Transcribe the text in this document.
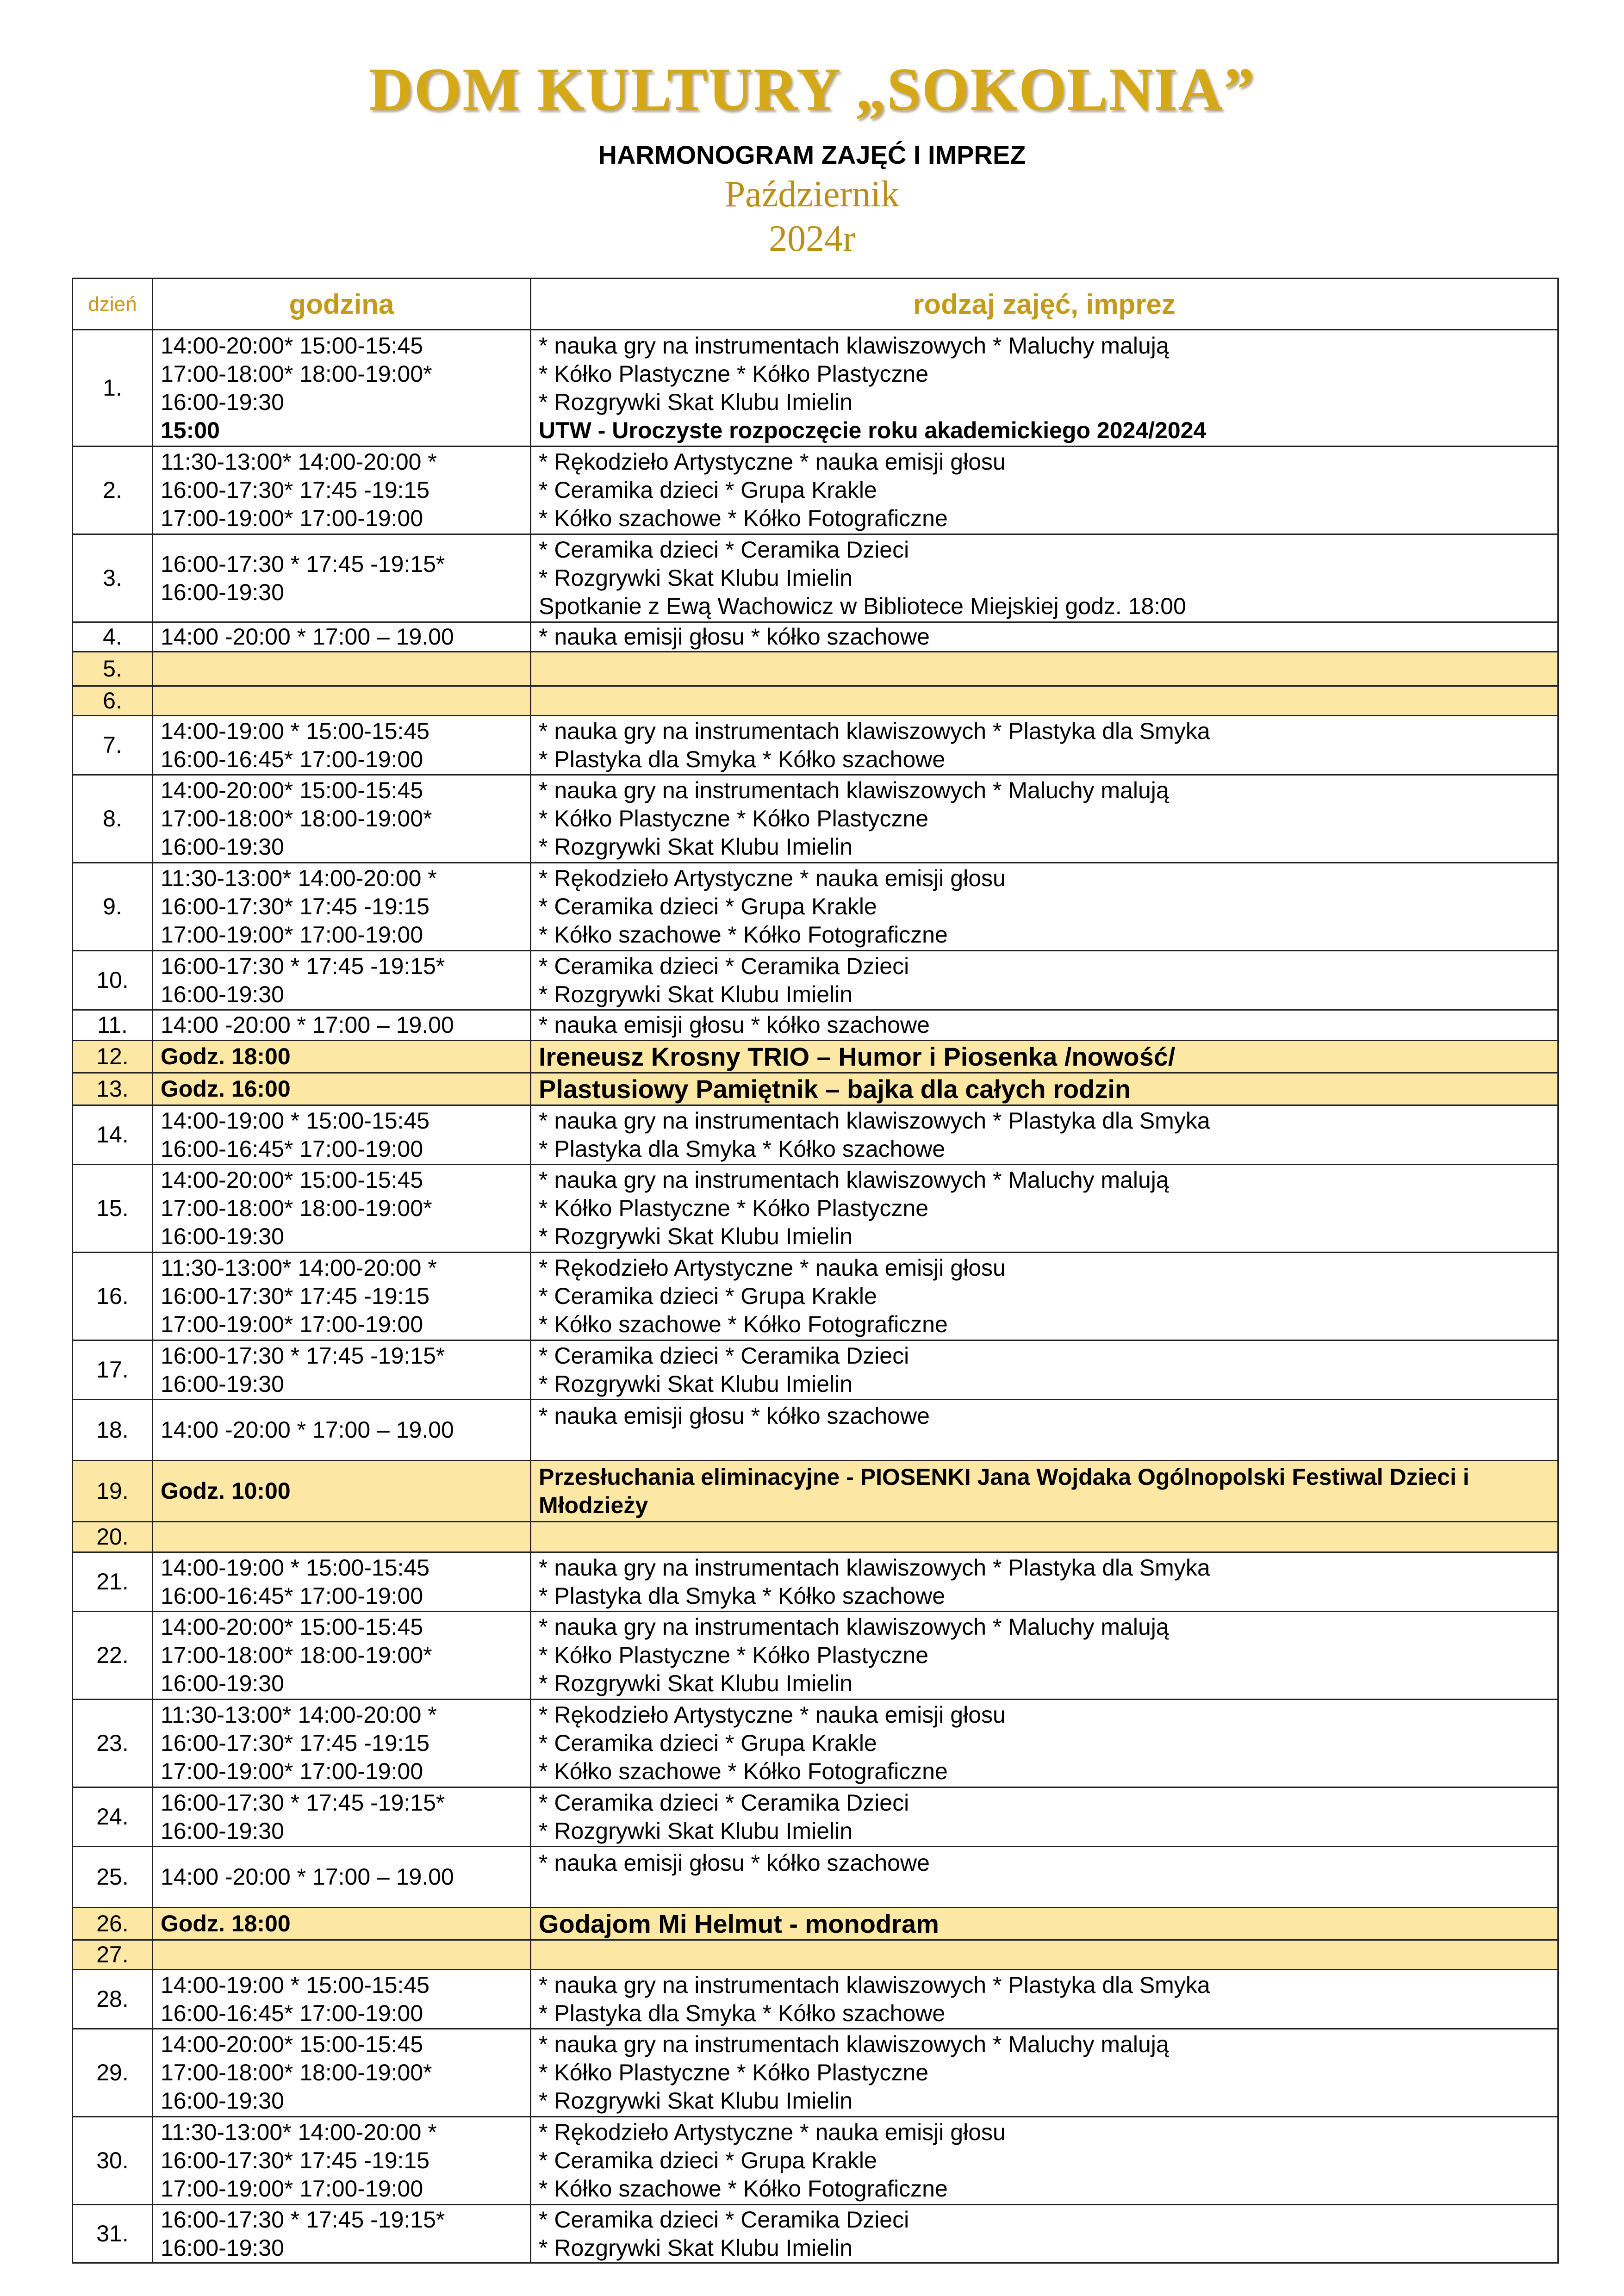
DOM KULTURY „SOKOLNIA”
HARMONOGRAM ZAJĘĆ I IMPREZ
Październik
2024r
dzień	godzina	rodzaj zajęć, imprez
1.	14:00-20:00* 15:00-15:45
17:00-18:00* 18:00-19:00*
16:00-19:30
15:00	* nauka gry na instrumentach klawiszowych * Maluchy malują
* Kółko Plastyczne * Kółko Plastyczne
* Rozgrywki Skat Klubu Imielin
UTW - Uroczyste rozpoczęcie roku akademickiego 2024/2024

2.	11:30-13:00* 14:00-20:00 *
16:00-17:30* 17:45 -19:15
17:00-19:00* 17:00-19:00	* Rękodzieło Artystyczne * nauka emisji głosu
* Ceramika dzieci * Grupa Krakle
* Kółko szachowe * Kółko Fotograficzne

3.	16:00-17:30 * 17:45 -19:15*
16:00-19:30	* Ceramika dzieci * Ceramika Dzieci
* Rozgrywki Skat Klubu Imielin
Spotkanie z Ewą Wachowicz w Bibliotece Miejskiej godz. 18:00

4.	14:00 -20:00 * 17:00 – 19.00	* nauka emisji głosu * kółko szachowe

5.		
6.		
7.	14:00-19:00 * 15:00-15:45
16:00-16:45* 17:00-19:00	* nauka gry na instrumentach klawiszowych * Plastyka dla Smyka
* Plastyka dla Smyka * Kółko szachowe

8.	14:00-20:00* 15:00-15:45
17:00-18:00* 18:00-19:00*
16:00-19:30	* nauka gry na instrumentach klawiszowych * Maluchy malują
* Kółko Plastyczne * Kółko Plastyczne
* Rozgrywki Skat Klubu Imielin

9.	11:30-13:00* 14:00-20:00 *
16:00-17:30* 17:45 -19:15
17:00-19:00* 17:00-19:00	* Rękodzieło Artystyczne * nauka emisji głosu
* Ceramika dzieci * Grupa Krakle
* Kółko szachowe * Kółko Fotograficzne

10.	16:00-17:30 * 17:45 -19:15*
16:00-19:30	* Ceramika dzieci * Ceramika Dzieci
* Rozgrywki Skat Klubu Imielin

11.	14:00 -20:00 * 17:00 – 19.00	* nauka emisji głosu * kółko szachowe

12.	Godz. 18:00	Ireneusz Krosny TRIO – Humor i Piosenka /nowość/

13.	Godz. 16:00	Plastusiowy Pamiętnik – bajka dla całych rodzin

14.	14:00-19:00 * 15:00-15:45
16:00-16:45* 17:00-19:00	* nauka gry na instrumentach klawiszowych * Plastyka dla Smyka
* Plastyka dla Smyka * Kółko szachowe

15.	14:00-20:00* 15:00-15:45
17:00-18:00* 18:00-19:00*
16:00-19:30	* nauka gry na instrumentach klawiszowych * Maluchy malują
* Kółko Plastyczne * Kółko Plastyczne
* Rozgrywki Skat Klubu Imielin

16.	11:30-13:00* 14:00-20:00 *
16:00-17:30* 17:45 -19:15
17:00-19:00* 17:00-19:00	* Rękodzieło Artystyczne * nauka emisji głosu
* Ceramika dzieci * Grupa Krakle
* Kółko szachowe * Kółko Fotograficzne

17.	16:00-17:30 * 17:45 -19:15*
16:00-19:30	* Ceramika dzieci * Ceramika Dzieci
* Rozgrywki Skat Klubu Imielin

18.	14:00 -20:00 * 17:00 – 19.00	* nauka emisji głosu * kółko szachowe

19.	Godz. 10:00	Przesłuchania eliminacyjne - PIOSENKI Jana Wojdaka Ogólnopolski Festiwal Dzieci i Młodzieży

20.		
21.	14:00-19:00 * 15:00-15:45
16:00-16:45* 17:00-19:00	* nauka gry na instrumentach klawiszowych * Plastyka dla Smyka
* Plastyka dla Smyka * Kółko szachowe

22.	14:00-20:00* 15:00-15:45
17:00-18:00* 18:00-19:00*
16:00-19:30	* nauka gry na instrumentach klawiszowych * Maluchy malują
* Kółko Plastyczne * Kółko Plastyczne
* Rozgrywki Skat Klubu Imielin

23.	11:30-13:00* 14:00-20:00 *
16:00-17:30* 17:45 -19:15
17:00-19:00* 17:00-19:00	* Rękodzieło Artystyczne * nauka emisji głosu
* Ceramika dzieci * Grupa Krakle
* Kółko szachowe * Kółko Fotograficzne

24.	16:00-17:30 * 17:45 -19:15*
16:00-19:30	* Ceramika dzieci * Ceramika Dzieci
* Rozgrywki Skat Klubu Imielin

25.	14:00 -20:00 * 17:00 – 19.00	* nauka emisji głosu * kółko szachowe

26.	Godz. 18:00	Godajom Mi Helmut - monodram

27.		
28.	14:00-19:00 * 15:00-15:45
16:00-16:45* 17:00-19:00	* nauka gry na instrumentach klawiszowych * Plastyka dla Smyka
* Plastyka dla Smyka * Kółko szachowe

29.	14:00-20:00* 15:00-15:45
17:00-18:00* 18:00-19:00*
16:00-19:30	* nauka gry na instrumentach klawiszowych * Maluchy malują
* Kółko Plastyczne * Kółko Plastyczne
* Rozgrywki Skat Klubu Imielin

30.	11:30-13:00* 14:00-20:00 *
16:00-17:30* 17:45 -19:15
17:00-19:00* 17:00-19:00	* Rękodzieło Artystyczne * nauka emisji głosu
* Ceramika dzieci * Grupa Krakle
* Kółko szachowe * Kółko Fotograficzne

31.	16:00-17:30 * 17:45 -19:15*
16:00-19:30	* Ceramika dzieci * Ceramika Dzieci
* Rozgrywki Skat Klubu Imielin
